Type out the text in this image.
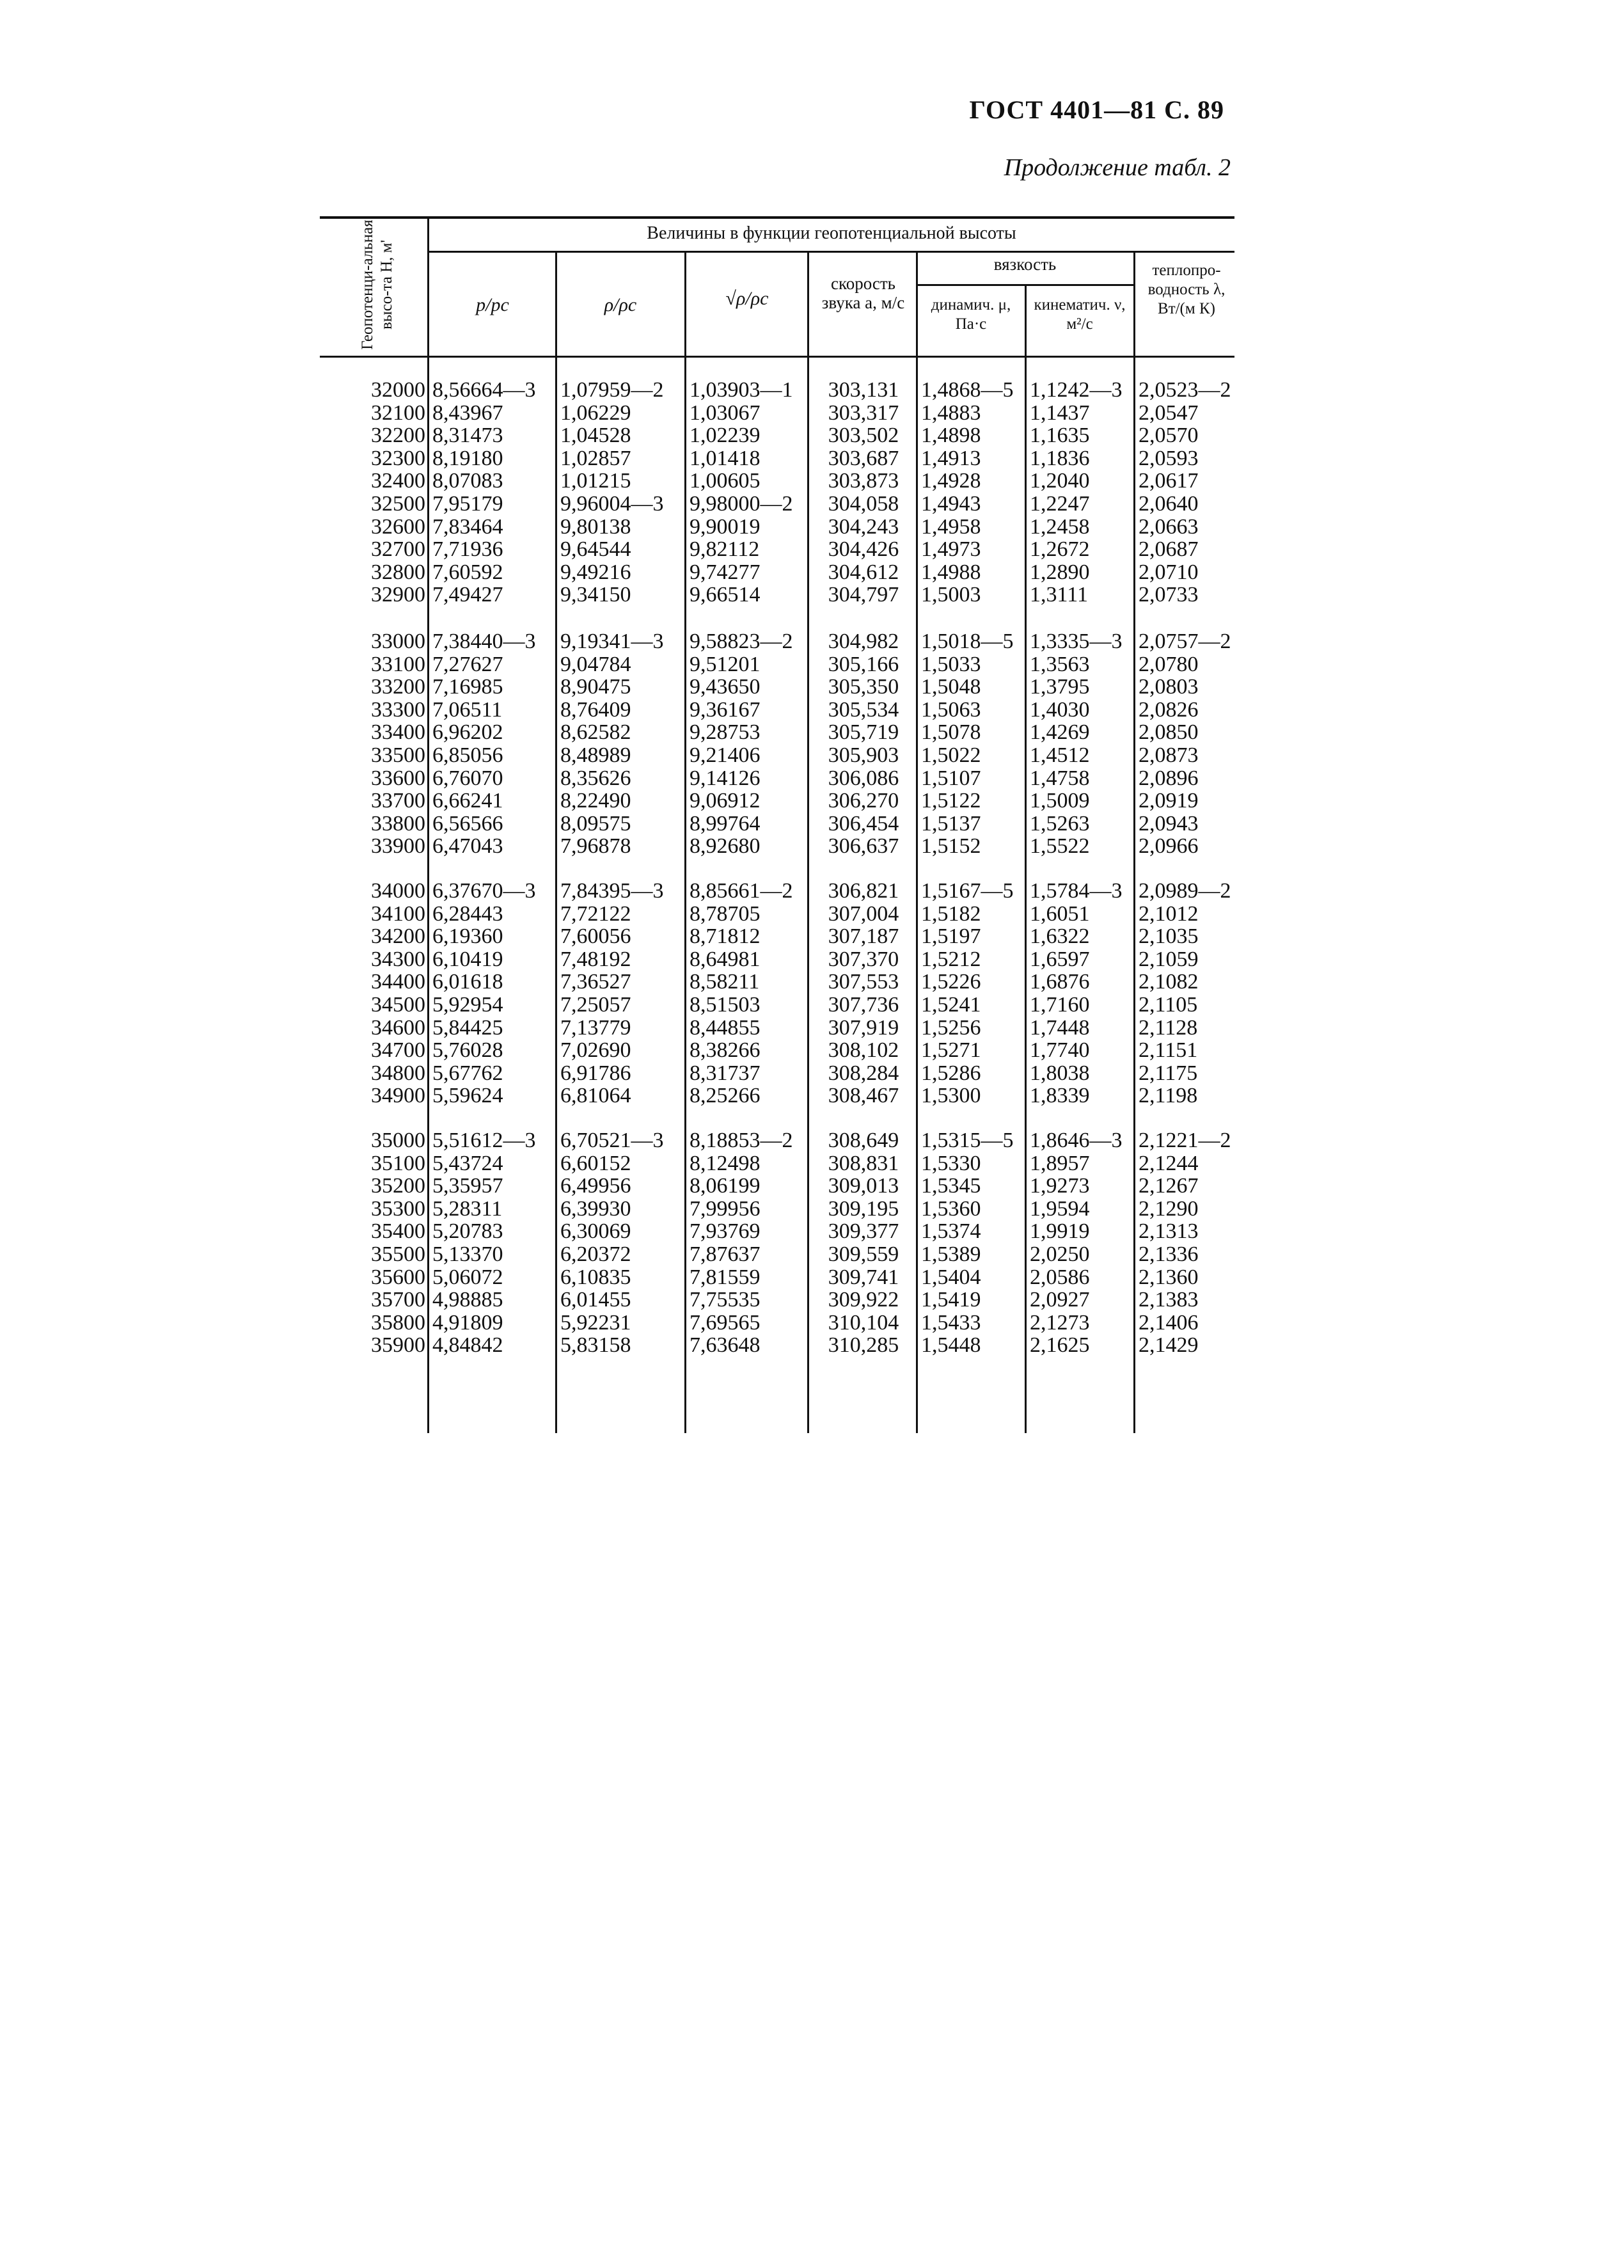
ГОСТ 4401—81 С. 89
Продолжение табл. 2
Геопотенци-альная высо-та H, м'
Величины в функции геопотенциальной высоты
p/pс	ρ/ρс	√ρ/ρс
скорость звука a, м/с
вязкость
динамич. μ, Па·с
кинематич. ν, м²/с
теплопро-водность λ, Вт/(м К)
32000
32100
32200
32300
32400
32500
32600
32700
32800
32900
8,56664—3
8,43967
8,31473
8,19180
8,07083
7,95179
7,83464
7,71936
7,60592
7,49427
1,07959—2
1,06229
1,04528
1,02857
1,01215
9,96004—3
9,80138
9,64544
9,49216
9,34150
1,03903—1
1,03067
1,02239
1,01418
1,00605
9,98000—2
9,90019
9,82112
9,74277
9,66514
303,131
303,317
303,502
303,687
303,873
304,058
304,243
304,426
304,612
304,797
1,4868—5
1,4883
1,4898
1,4913
1,4928
1,4943
1,4958
1,4973
1,4988
1,5003
1,1242—3
1,1437
1,1635
1,1836
1,2040
1,2247
1,2458
1,2672
1,2890
1,3111
2,0523—2
2,0547
2,0570
2,0593
2,0617
2,0640
2,0663
2,0687
2,0710
2,0733
33000
33100
33200
33300
33400
33500
33600
33700
33800
33900
7,38440—3
7,27627
7,16985
7,06511
6,96202
6,85056
6,76070
6,66241
6,56566
6,47043
9,19341—3
9,04784
8,90475
8,76409
8,62582
8,48989
8,35626
8,22490
8,09575
7,96878
9,58823—2
9,51201
9,43650
9,36167
9,28753
9,21406
9,14126
9,06912
8,99764
8,92680
304,982
305,166
305,350
305,534
305,719
305,903
306,086
306,270
306,454
306,637
1,5018—5
1,5033
1,5048
1,5063
1,5078
1,5022
1,5107
1,5122
1,5137
1,5152
1,3335—3
1,3563
1,3795
1,4030
1,4269
1,4512
1,4758
1,5009
1,5263
1,5522
2,0757—2
2,0780
2,0803
2,0826
2,0850
2,0873
2,0896
2,0919
2,0943
2,0966
34000
34100
34200
34300
34400
34500
34600
34700
34800
34900
6,37670—3
6,28443
6,19360
6,10419
6,01618
5,92954
5,84425
5,76028
5,67762
5,59624
7,84395—3
7,72122
7,60056
7,48192
7,36527
7,25057
7,13779
7,02690
6,91786
6,81064
8,85661—2
8,78705
8,71812
8,64981
8,58211
8,51503
8,44855
8,38266
8,31737
8,25266
306,821
307,004
307,187
307,370
307,553
307,736
307,919
308,102
308,284
308,467
1,5167—5
1,5182
1,5197
1,5212
1,5226
1,5241
1,5256
1,5271
1,5286
1,5300
1,5784—3
1,6051
1,6322
1,6597
1,6876
1,7160
1,7448
1,7740
1,8038
1,8339
2,0989—2
2,1012
2,1035
2,1059
2,1082
2,1105
2,1128
2,1151
2,1175
2,1198
35000
35100
35200
35300
35400
35500
35600
35700
35800
35900
5,51612—3
5,43724
5,35957
5,28311
5,20783
5,13370
5,06072
4,98885
4,91809
4,84842
6,70521—3
6,60152
6,49956
6,39930
6,30069
6,20372
6,10835
6,01455
5,92231
5,83158
8,18853—2
8,12498
8,06199
7,99956
7,93769
7,87637
7,81559
7,75535
7,69565
7,63648
308,649
308,831
309,013
309,195
309,377
309,559
309,741
309,922
310,104
310,285
1,5315—5
1,5330
1,5345
1,5360
1,5374
1,5389
1,5404
1,5419
1,5433
1,5448
1,8646—3
1,8957
1,9273
1,9594
1,9919
2,0250
2,0586
2,0927
2,1273
2,1625
2,1221—2
2,1244
2,1267
2,1290
2,1313
2,1336
2,1360
2,1383
2,1406
2,1429
